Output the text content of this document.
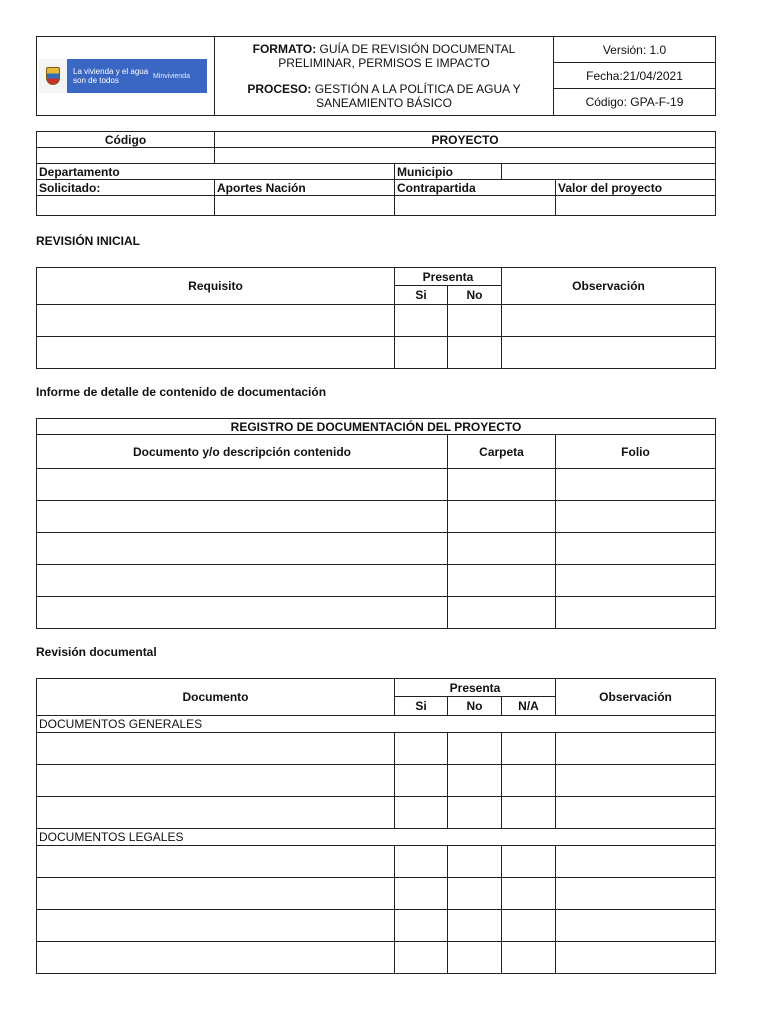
La vivienda y el agua son de todos	Minvivienda

FORMATO: GUÍA DE REVISIÓN DOCUMENTAL PRELIMINAR, PERMISOS E IMPACTO
PROCESO: GESTIÓN A LA POLÍTICA DE AGUA Y SANEAMIENTO BÁSICO
	Versión: 1.0
Fecha:21/04/2021
Código: GPA-F-19
Código	PROYECTO			

Departamento		Municipio		
Solicitado:	Aportes Nación	Contrapartida		Valor del proyecto

REVISIÓN INICIAL
Requisito	Presenta		Observación
	Si	No	

Informe de detalle de contenido de documentación
REGISTRO DE DOCUMENTACIÓN DEL PROYECTO		
Documento y/o descripción contenido	Carpeta	Folio

Revisión documental
Documento	Presenta			Observación
	Si	No	N/A	
DOCUMENTOS GENERALES				

DOCUMENTOS LEGALES				
